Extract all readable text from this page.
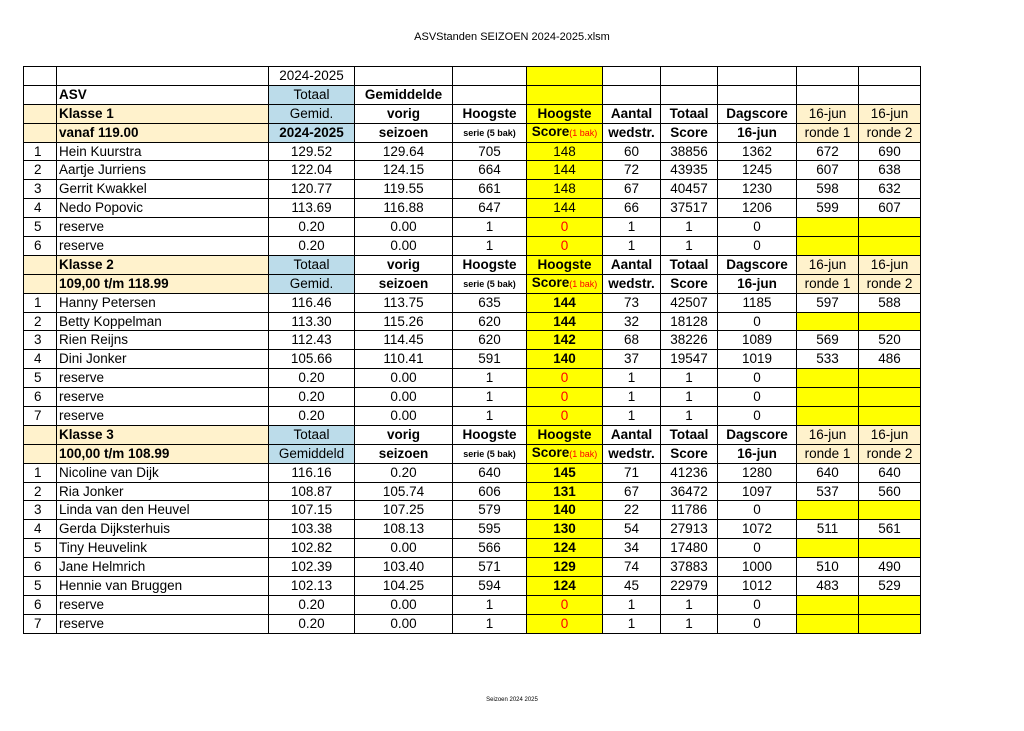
ASVStanden SEIZOEN 2024-2025.xlsm
		2024-2025								
	ASV	Totaal	Gemiddelde							
	Klasse 1	Gemid.	vorig	Hoogste	Hoogste	Aantal	Totaal	Dagscore	16-jun	16-jun
	vanaf 119.00	2024-2025	seizoen	serie (5 bak)	Score(1 bak)	wedstr.	Score	16-jun	ronde 1	ronde 2
1	Hein Kuurstra	129.52	129.64	705	148	60	38856	1362	672	690
2	Aartje Jurriens	122.04	124.15	664	144	72	43935	1245	607	638
3	Gerrit Kwakkel	120.77	119.55	661	148	67	40457	1230	598	632
4	Nedo Popovic	113.69	116.88	647	144	66	37517	1206	599	607
5	reserve	0.20	0.00	1	0	1	1	0		
6	reserve	0.20	0.00	1	0	1	1	0		
	Klasse 2	Totaal	vorig	Hoogste	Hoogste	Aantal	Totaal	Dagscore	16-jun	16-jun
	109,00 t/m 118.99	Gemid.	seizoen	serie (5 bak)	Score(1 bak)	wedstr.	Score	16-jun	ronde 1	ronde 2
1	Hanny Petersen	116.46	113.75	635	144	73	42507	1185	597	588
2	Betty Koppelman	113.30	115.26	620	144	32	18128	0		
3	Rien Reijns	112.43	114.45	620	142	68	38226	1089	569	520
4	Dini Jonker	105.66	110.41	591	140	37	19547	1019	533	486
5	reserve	0.20	0.00	1	0	1	1	0		
6	reserve	0.20	0.00	1	0	1	1	0		
7	reserve	0.20	0.00	1	0	1	1	0		
	Klasse 3	Totaal	vorig	Hoogste	Hoogste	Aantal	Totaal	Dagscore	16-jun	16-jun
	100,00 t/m 108.99	Gemiddeld	seizoen	serie (5 bak)	Score(1 bak)	wedstr.	Score	16-jun	ronde 1	ronde 2
1	Nicoline van Dijk	116.16	0.20	640	145	71	41236	1280	640	640
2	Ria Jonker	108.87	105.74	606	131	67	36472	1097	537	560
3	Linda van den Heuvel	107.15	107.25	579	140	22	11786	0		
4	Gerda Dijksterhuis	103.38	108.13	595	130	54	27913	1072	511	561
5	Tiny Heuvelink	102.82	0.00	566	124	34	17480	0		
6	Jane Helmrich	102.39	103.40	571	129	74	37883	1000	510	490
5	Hennie van Bruggen	102.13	104.25	594	124	45	22979	1012	483	529
6	reserve	0.20	0.00	1	0	1	1	0		
7	reserve	0.20	0.00	1	0	1	1	0		
Seizoen 2024 2025
